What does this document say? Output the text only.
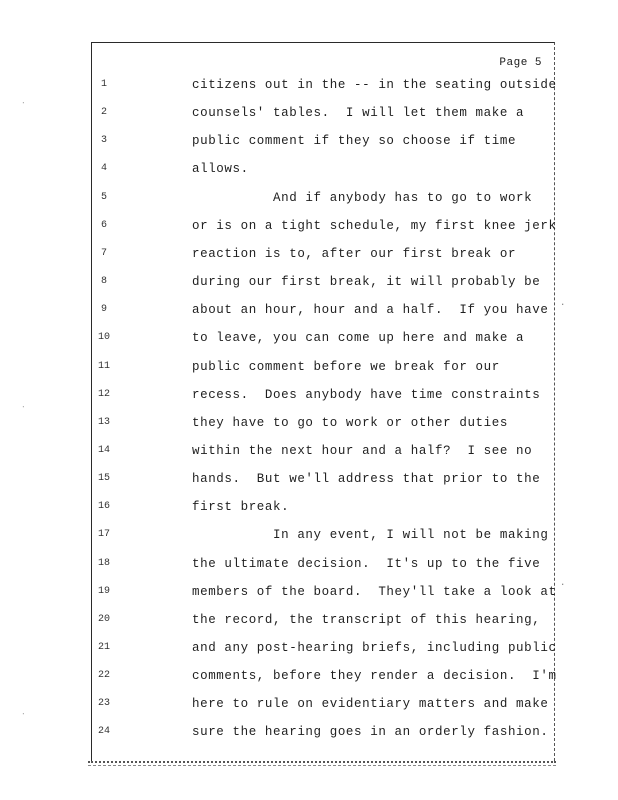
Page 5
1	citizens out in the -- in the seating outside
2	counsels' tables.  I will let them make a
3	public comment if they so choose if time
4	allows.
5	And if anybody has to go to work
6	or is on a tight schedule, my first knee jerk
7	reaction is to, after our first break or
8	during our first break, it will probably be
9	about an hour, hour and a half.  If you have
10	to leave, you can come up here and make a
11	public comment before we break for our
12	recess.  Does anybody have time constraints
13	they have to go to work or other duties
14	within the next hour and a half?  I see no
15	hands.  But we'll address that prior to the
16	first break.
17	In any event, I will not be making
18	the ultimate decision.  It's up to the five
19	members of the board.  They'll take a look at
20	the record, the transcript of this hearing,
21	and any post-hearing briefs, including public
22	comments, before they render a decision.  I'm
23	here to rule on evidentiary matters and make
24	sure the hearing goes in an orderly fashion.
ᐧ
ᐧ
ᐧ
·
·
